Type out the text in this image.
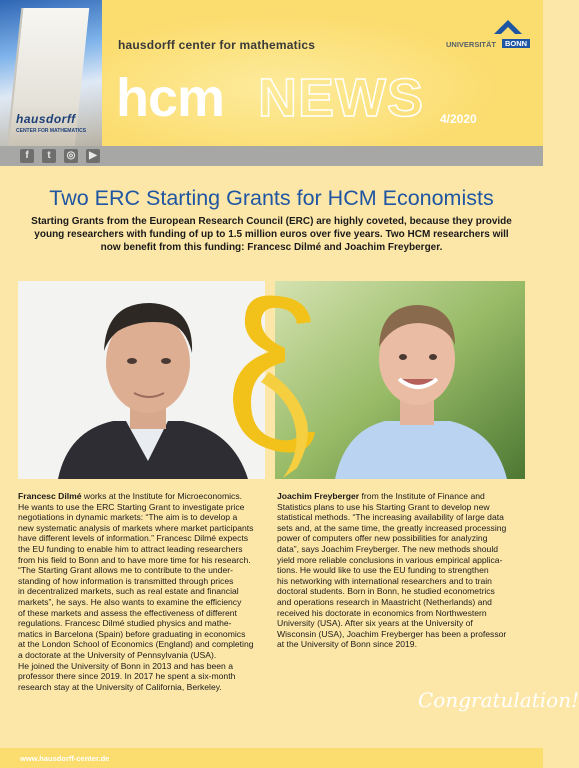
hausdorff
CENTER FOR MATHEMATICS
hausdorff center for mathematics
hcm NEWS 4/2020
UNIVERSITÄT	BONN
f	t	◎	▶
Two ERC Starting Grants for HCM Economists
Starting Grants from the European Research Council (ERC) are highly coveted, because they provide young researchers with funding of up to 1.5 million euros over five years. Two HCM researchers will now benefit from this funding: Francesc Dilmé and Joachim Freyberger.
Francesc Dilmé works at the Institute for Microeconomics.
He wants to use the ERC Starting Grant to investigate price
negotiations in dynamic markets: “The aim is to develop a
new systematic analysis of markets where market participants
have different levels of information.” Francesc Dilmé expects
the EU funding to enable him to attract leading researchers
from his field to Bonn and to have more time for his research.
“The Starting Grant allows me to contribute to the under-
standing of how information is transmitted through prices
in decentralized markets, such as real estate and financial
markets”, he says. He also wants to examine the efficiency
of these markets and assess the effectiveness of different
regulations. Francesc Dilmé studied physics and mathe-
matics in Barcelona (Spain) before graduating in economics
at the London School of Economics (England) and completing
a doctorate at the University of Pennsylvania (USA).
He joined the University of Bonn in 2013 and has been a
professor there since 2019. In 2017 he spent a six-month
research stay at the University of California, Berkeley.
Joachim Freyberger from the Institute of Finance and
Statistics plans to use his Starting Grant to develop new
statistical methods. “The increasing availability of large data
sets and, at the same time, the greatly increased processing
power of computers offer new possibilities for analyzing
data”, says Joachim Freyberger. The new methods should
yield more reliable conclusions in various empirical applica-
tions. He would like to use the EU funding to strengthen
his networking with international researchers and to train
doctoral students. Born in Bonn, he studied econometrics
and operations research in Maastricht (Netherlands) and
received his doctorate in economics from Northwestern
University (USA). After six years at the University of
Wisconsin (USA), Joachim Freyberger has been a professor
at the University of Bonn since 2019.
Congratulation!
www.hausdorff-center.de
